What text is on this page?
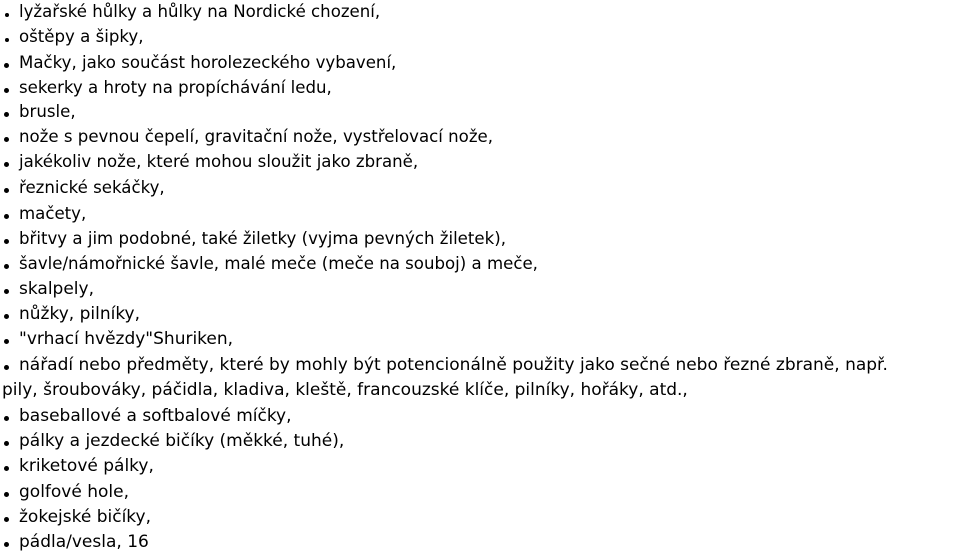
lyžařské hůlky a hůlky na Nordické chození,
oštěpy a šipky,
Mačky, jako součást horolezeckého vybavení,
sekerky a hroty na propíchávání ledu,
brusle,
nože s pevnou čepelí, gravitační nože, vystřelovací nože,
jakékoliv nože, které mohou sloužit jako zbraně,
řeznické sekáčky,
mačety,
břitvy a jim podobné, také žiletky (vyjma pevných žiletek),
šavle/námořnické šavle, malé meče (meče na souboj) a meče,
skalpely,
nůžky, pilníky,
"vrhací hvězdy"Shuriken,
nářadí nebo předměty, které by mohly být potencionálně použity jako sečné nebo řezné zbraně, např.
pily, šroubováky, páčidla, kladiva, kleště, francouzské klíče, pilníky, hořáky, atd.,
baseballové a softbalové míčky,
pálky a jezdecké bičíky (měkké, tuhé),
kriketové pálky,
golfové hole,
žokejské bičíky,
pádla/vesla, 16
